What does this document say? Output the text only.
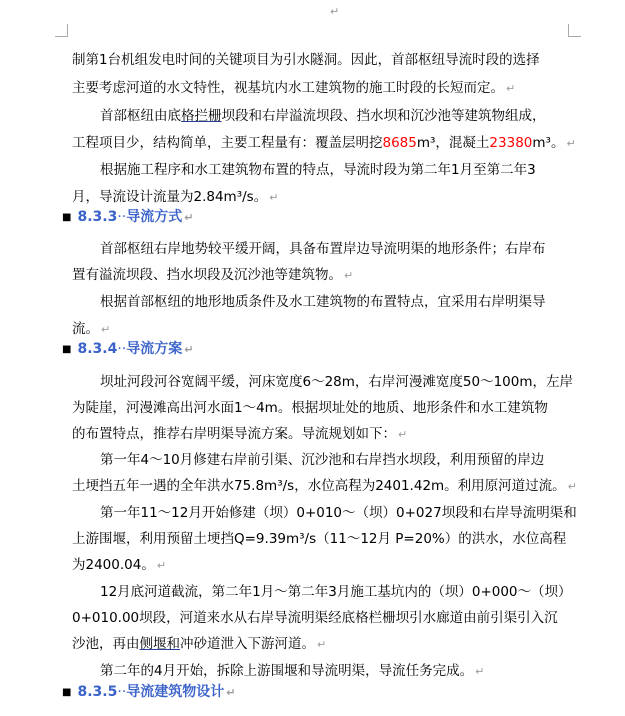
↵
制第1台机组发电时间的关键项目为引水隧洞。因此，首部枢纽导流时段的选择
主要考虑河道的水文特性，视基坑内水工建筑物的施工时段的长短而定。 ↵
首部枢纽由底格拦栅坝段和右岸溢流坝段、挡水坝和沉沙池等建筑物组成，
工程项目少，结构简单，主要工程量有：覆盖层明挖8685m³，混凝土23380m³。 ↵
根据施工程序和水工建筑物布置的特点，导流时段为第二年1月至第二年3
月，导流设计流量为2.84m³/s。 ↵
■ 8.3.3··导流方式 ↵
首部枢纽右岸地势较平缓开阔，具备布置岸边导流明渠的地形条件；右岸布
置有溢流坝段、挡水坝段及沉沙池等建筑物。 ↵
根据首部枢纽的地形地质条件及水工建筑物的布置特点，宜采用右岸明渠导
流。 ↵
■ 8.3.4··导流方案 ↵
坝址河段河谷宽阔平缓，河床宽度6～28m，右岸河漫滩宽度50～100m，左岸
为陡崖，河漫滩高出河水面1～4m。根据坝址处的地质、地形条件和水工建筑物
的布置特点，推荐右岸明渠导流方案。导流规划如下： ↵
第一年4～10月修建右岸前引渠、沉沙池和右岸挡水坝段，利用预留的岸边
土埂挡五年一遇的全年洪水75.8m³/s，水位高程为2401.42m。利用原河道过流。 ↵
第一年11～12月开始修建（坝）0+010～（坝）0+027坝段和右岸导流明渠和
上游围堰，利用预留土埂挡Q=9.39m³/s（11～12月 P=20%）的洪水，水位高程
为2400.04。 ↵
12月底河道截流，第二年1月～第二年3月施工基坑内的（坝）0+000～（坝）
0+010.00坝段，河道来水从右岸导流明渠经底格栏栅坝引水廊道由前引渠引入沉
沙池，再由侧堰和冲砂道泄入下游河道。 ↵
第二年的4月开始，拆除上游围堰和导流明渠，导流任务完成。 ↵
■ 8.3.5··导流建筑物设计 ↵
